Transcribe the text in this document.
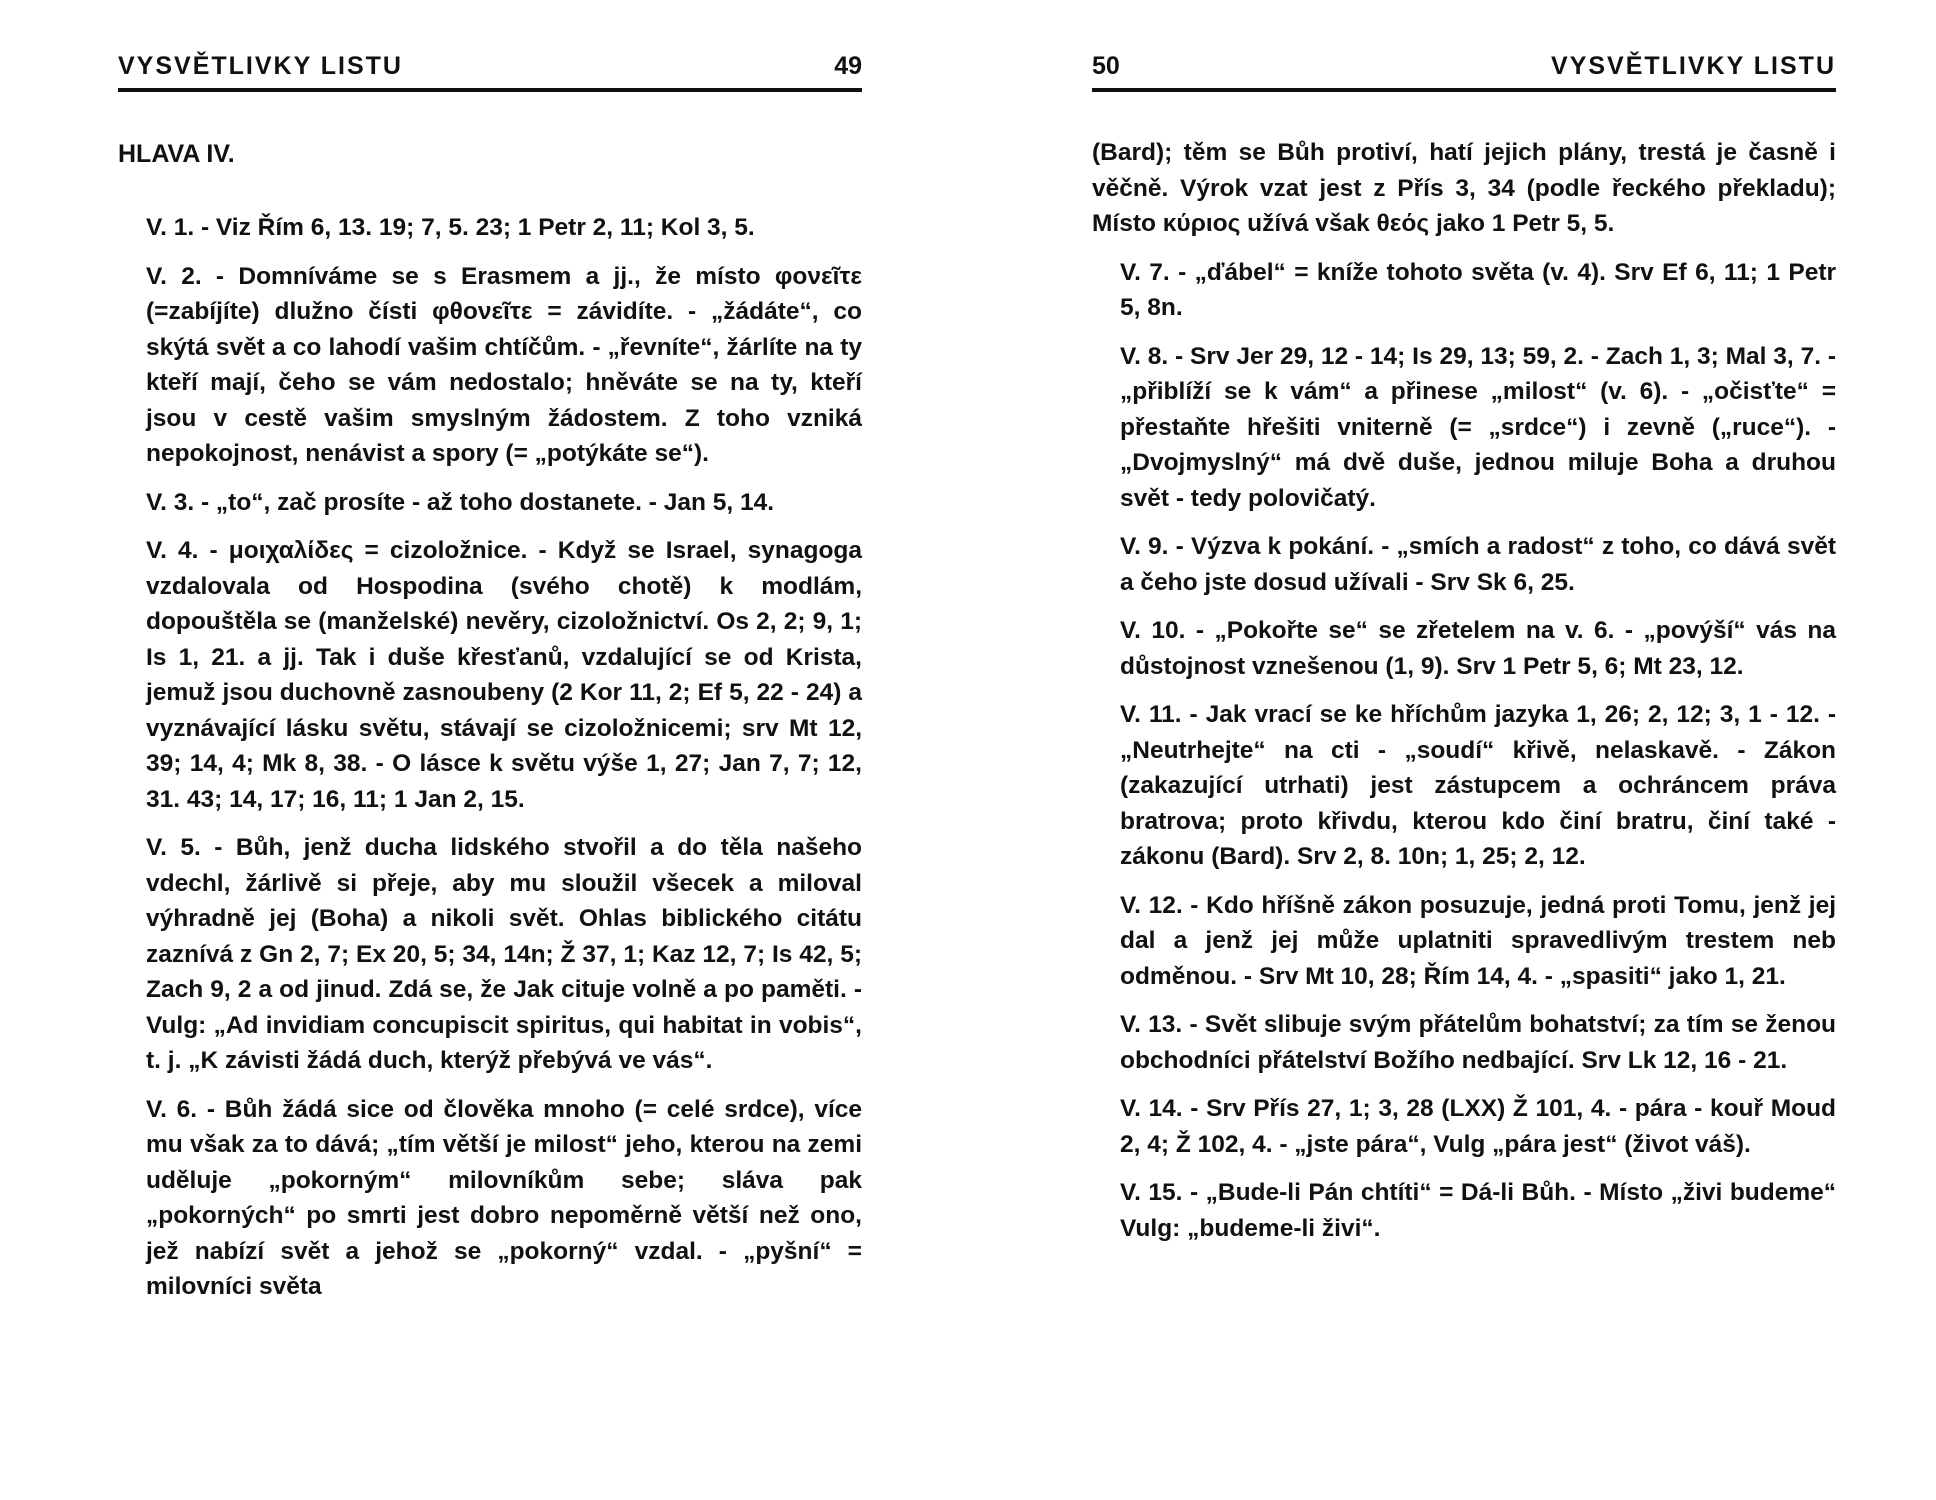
VYSVĚTLIVKY LISTU	49
HLAVA IV.

V. 1. - Viz Řím 6, 13. 19; 7, 5. 23; 1 Petr 2, 11; Kol 3, 5.

V. 2. - Domníváme se s Erasmem a jj., že místo φονεῖτε (=zabíjíte) dlužno čísti φθονεῖτε = závidíte. - „žádáte“, co skýtá svět a co lahodí vašim chtíčům. - „řevníte“, žárlíte na ty kteří mají, čeho se vám nedostalo; hněváte se na ty, kteří jsou v cestě vašim smyslným žádostem. Z toho vzniká nepokojnost, nenávist a spory (= „potýkáte se“).

V. 3. - „to“, zač prosíte - až toho dostanete. - Jan 5, 14.

V. 4. - μοιχαλίδες = cizoložnice. - Když se Israel, synagoga vzdalovala od Hospodina (svého chotě) k modlám, dopouštěla se (manželské) nevěry, cizoložnictví. Os 2, 2; 9, 1; Is 1, 21. a jj. Tak i duše křesťanů, vzdalující se od Krista, jemuž jsou duchovně zasnoubeny (2 Kor 11, 2; Ef 5, 22 - 24) a vyznávající lásku světu, stávají se cizoložnicemi; srv Mt 12, 39; 14, 4; Mk 8, 38. - O lásce k světu výše 1, 27; Jan 7, 7; 12, 31. 43; 14, 17; 16, 11; 1 Jan 2, 15.

V. 5. - Bůh, jenž ducha lidského stvořil a do těla našeho vdechl, žárlivě si přeje, aby mu sloužil všecek a miloval výhradně jej (Boha) a nikoli svět. Ohlas biblického citátu zaznívá z Gn 2, 7; Ex 20, 5; 34, 14n; Ž 37, 1; Kaz 12, 7; Is 42, 5; Zach 9, 2 a od jinud. Zdá se, že Jak cituje volně a po paměti. - Vulg: „Ad invidiam concupiscit spiritus, qui habitat in vobis“, t. j. „K závisti žádá duch, kterýž přebývá ve vás“.

V. 6. - Bůh žádá sice od člověka mnoho (= celé srdce), více mu však za to dává; „tím větší je milost“ jeho, kterou na zemi uděluje „pokorným“ milovníkům sebe; sláva pak „pokorných“ po smrti jest dobro nepoměrně větší než ono, jež nabízí svět a jehož se „pokorný“ vzdal. - „pyšní“ = milovníci světa

50	VYSVĚTLIVKY LISTU

(Bard); těm se Bůh protiví, hatí jejich plány, trestá je časně i věčně. Výrok vzat jest z Přís 3, 34 (podle řeckého překladu); Místo κύριος užívá však θεός jako 1 Petr 5, 5.

V. 7. - „ďábel“ = kníže tohoto světa (v. 4). Srv Ef 6, 11; 1 Petr 5, 8n.

V. 8. - Srv Jer 29, 12 - 14; Is 29, 13; 59, 2. - Zach 1, 3; Mal 3, 7. - „přiblíží se k vám“ a přinese „milost“ (v. 6). - „očisťte“ = přestaňte hřešiti vniterně (= „srdce“) i zevně („ruce“). - „Dvojmyslný“ má dvě duše, jednou miluje Boha a druhou svět - tedy polovičatý.

V. 9. - Výzva k pokání. - „smích a radost“ z toho, co dává svět a čeho jste dosud užívali - Srv Sk 6, 25.

V. 10. - „Pokořte se“ se zřetelem na v. 6. - „povýší“ vás na důstojnost vznešenou (1, 9). Srv 1 Petr 5, 6; Mt 23, 12.

V. 11. - Jak vrací se ke hříchům jazyka 1, 26; 2, 12; 3, 1 - 12. - „Neutrhejte“ na cti - „soudí“ křivě, nelaskavě. - Zákon (zakazující utrhati) jest zástupcem a ochráncem práva bratrova; proto křivdu, kterou kdo činí bratru, činí také - zákonu (Bard). Srv 2, 8. 10n; 1, 25; 2, 12.

V. 12. - Kdo hříšně zákon posuzuje, jedná proti Tomu, jenž jej dal a jenž jej může uplatniti spravedlivým trestem neb odměnou. - Srv Mt 10, 28; Řím 14, 4. - „spasiti“ jako 1, 21.

V. 13. - Svět slibuje svým přátelům bohatství; za tím se ženou obchodníci přátelství Božího nedbající. Srv Lk 12, 16 - 21.

V. 14. - Srv Přís 27, 1; 3, 28 (LXX) Ž 101, 4. - pára - kouř Moud 2, 4; Ž 102, 4. - „jste pára“, Vulg „pára jest“ (život váš).

V. 15. - „Bude-li Pán chtíti“ = Dá-li Bůh. - Místo „živi budeme“ Vulg: „budeme-li živi“.
